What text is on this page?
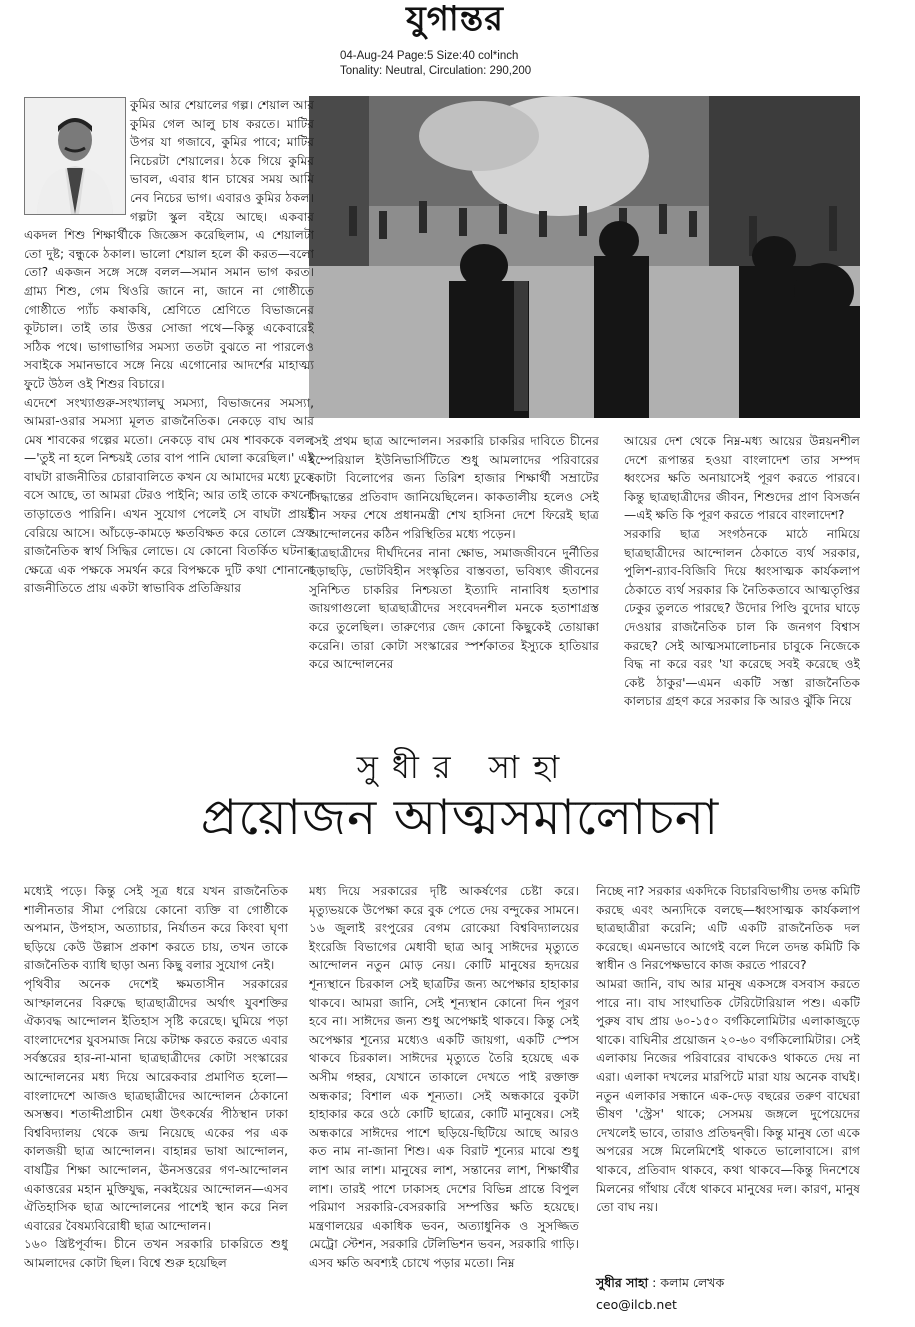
যুগান্তর
04-Aug-24 Page:5 Size:40 col*inch
Tonality: Neutral, Circulation: 290,200

কুমির আর শেয়ালের গল্প। শেয়াল আর কুমির গেল আলু চাষ করতে। মাটির উপর যা গজাবে, কুমির পাবে; মাটির নিচেরটা শেয়ালের। ঠকে গিয়ে কুমির ভাবল, এবার ধান চাষের সময় আমি নেব নিচের ভাগ। এবারও কুমির ঠকল। গল্পটা স্কুল বইয়ে আছে। একবার একদল শিশু শিক্ষার্থীকে জিজ্ঞেস করেছিলাম, এ শেয়ালটা তো দুষ্ট; বন্ধুকে ঠকাল। ভালো শেয়াল হলে কী করত—বলো তো? একজন সঙ্গে সঙ্গে বলল—সমান সমান ভাগ করত। গ্রাম্য শিশু, গেম থিওরি জানে না, জানে না গোষ্ঠীতে গোষ্ঠীতে প্যাঁচ কষাকষি, শ্রেণিতে শ্রেণিতে বিভাজনের কূটচাল। তাই তার উত্তর সোজা পথে—কিন্তু একেবারেই সঠিক পথে। ভাগাভাগির সমস্যা ততটা বুঝতে না পারলেও সবাইকে সমানভাবে সঙ্গে নিয়ে এগোনোর আদর্শের মাহাত্ম্য ফুটে উঠল ওই শিশুর বিচারে।

এদেশে সংখ্যাগুরু-সংখ্যালঘু সমস্যা, বিভাজনের সমস্যা, আমরা-ওরার সমস্যা মূলত রাজনৈতিক। নেকড়ে বাঘ আর মেষ শাবকের গল্পের মতো। নেকড়ে বাঘ মেষ শাবককে বলল—'তুই না হলে নিশ্চয়ই তোর বাপ পানি ঘোলা করেছিল।' এই বাঘটা রাজনীতির চোরাবালিতে কখন যে আমাদের মধ্যে ঢুকে বসে আছে, তা আমরা টেরও পাইনি; আর তাই তাকে কখনো তাড়াতেও পারিনি। এখন সুযোগ পেলেই সে বাঘটা প্রায়ই বেরিয়ে আসে। আঁচড়ে-কামড়ে ক্ষতবিক্ষত করে তোলে স্রেফ রাজনৈতিক স্বার্থ সিদ্ধির লোভে। যে কোনো বিতর্কিত ঘটনার ক্ষেত্রে এক পক্ষকে সমর্থন করে বিপক্ষকে দুটি কথা শোনানো রাজনীতিতে প্রায় একটা স্বাভাবিক প্রতিক্রিয়ার

সেই প্রথম ছাত্র আন্দোলন। সরকারি চাকরির দাবিতে চীনের ইম্পেরিয়াল ইউনিভার্সিটিতে শুধু আমলাদের পরিবারের কোটা বিলোপের জন্য তিরিশ হাজার শিক্ষার্থী সম্রাটের সিদ্ধান্তের প্রতিবাদ জানিয়েছিলেন। কাকতালীয় হলেও সেই চীন সফর শেষে প্রধানমন্ত্রী শেখ হাসিনা দেশে ফিরেই ছাত্র আন্দোলনের কঠিন পরিস্থিতির মধ্যে পড়েন।

ছাত্রছাত্রীদের দীর্ঘদিনের নানা ক্ষোভ, সমাজজীবনে দুর্নীতির ছড়াছড়ি, ভোটবিহীন সংস্কৃতির বাস্তবতা, ভবিষ্যৎ জীবনের সুনিশ্চিত চাকরির নিশ্চয়তা ইত্যাদি নানাবিধ হতাশার জায়গাগুলো ছাত্রছাত্রীদের সংবেদনশীল মনকে হতাশাগ্রস্ত করে তুলেছিল। তারুণ্যের জেদ কোনো কিছুকেই তোয়াক্কা করেনি। তারা কোটা সংস্কারের স্পর্শকাতর ইস্যুকে হাতিয়ার করে আন্দোলনের

আয়ের দেশ থেকে নিম্ন-মধ্য আয়ের উন্নয়নশীল দেশে রূপান্তর হওয়া বাংলাদেশ তার সম্পদ ধ্বংসের ক্ষতি অনায়াসেই পূরণ করতে পারবে। কিন্তু ছাত্রছাত্রীদের জীবন, শিশুদের প্রাণ বিসর্জন—এই ক্ষতি কি পূরণ করতে পারবে বাংলাদেশ?

সরকারি ছাত্র সংগঠনকে মাঠে নামিয়ে ছাত্রছাত্রীদের আন্দোলন ঠেকাতে ব্যর্থ সরকার, পুলিশ-র‍্যাব-বিজিবি দিয়ে ধ্বংসাত্মক কার্যকলাপ ঠেকাতে ব্যর্থ সরকার কি নৈতিকতাবে আত্মতৃপ্তির ঢেকুর তুলতে পারছে? উদোর পিণ্ডি বুদোর ঘাড়ে দেওয়ার রাজনৈতিক চাল কি জনগণ বিশ্বাস করছে? সেই আত্মসমালোচনার চাবুকে নিজেকে বিদ্ধ না করে বরং 'যা করেছে সবই করেছে ওই কেষ্ট ঠাকুর'—এমন একটি সস্তা রাজনৈতিক কালচার গ্রহণ করে সরকার কি আরও ঝুঁকি নিয়ে

সুধীর সাহা
প্রয়োজন আত্মসমালোচনা

মধ্যেই পড়ে। কিন্তু সেই সূত্র ধরে যখন রাজনৈতিক শালীনতার সীমা পেরিয়ে কোনো ব্যক্তি বা গোষ্ঠীকে অপমান, উপহাস, অত্যাচার, নির্যাতন করে কিংবা ঘৃণা ছড়িয়ে কেউ উল্লাস প্রকাশ করতে চায়, তখন তাকে রাজনৈতিক ব্যাধি ছাড়া অন্য কিছু বলার সুযোগ নেই।

পৃথিবীর অনেক দেশেই ক্ষমতাসীন সরকারের আস্ফালনের বিরুদ্ধে ছাত্রছাত্রীদের অর্থাৎ যুবশক্তির ঐক্যবদ্ধ আন্দোলন ইতিহাস সৃষ্টি করেছে। ঘুমিয়ে পড়া বাংলাদেশের যুবসমাজ নিয়ে কটাক্ষ করতে করতে এবার সর্বস্তরের হার-না-মানা ছাত্রছাত্রীদের কোটা সংস্কারের আন্দোলনের মধ্য দিয়ে আরেকবার প্রমাণিত হলো—বাংলাদেশে আজও ছাত্রছাত্রীদের আন্দোলন ঠেকানো অসম্ভব। শতাব্দীপ্রাচীন মেধা উৎকর্ষের পীঠস্থান ঢাকা বিশ্ববিদ্যালয় থেকে জন্ম নিয়েছে একের পর এক কালজয়ী ছাত্র আন্দোলন। বাহান্নর ভাষা আন্দোলন, বাষট্টির শিক্ষা আন্দোলন, ঊনসত্তরের গণ-আন্দোলন একাত্তরের মহান মুক্তিযুদ্ধ, নব্বইয়ের আন্দোলন—এসব ঐতিহাসিক ছাত্র আন্দোলনের পাশেই স্থান করে নিল এবারের বৈষম্যবিরোধী ছাত্র আন্দোলন।

১৬০ খ্রিষ্টপূর্বাব্দ। চীনে তখন সরকারি চাকরিতে শুধু আমলাদের কোটা ছিল। বিশ্বে শুরু হয়েছিল

মধ্য দিয়ে সরকারের দৃষ্টি আকর্ষণের চেষ্টা করে। মৃত্যুভয়কে উপেক্ষা করে বুক পেতে দেয় বন্দুকের সামনে। ১৬ জুলাই রংপুরের বেগম রোকেয়া বিশ্ববিদ্যালয়ের ইংরেজি বিভাগের মেধাবী ছাত্র আবু সাঈদের মৃত্যুতে আন্দোলন নতুন মোড় নেয়। কোটি মানুষের হৃদয়ের শূন্যস্থানে চিরকাল সেই ছাত্রটির জন্য অপেক্ষার হাহাকার থাকবে। আমরা জানি, সেই শূন্যস্থান কোনো দিন পূরণ হবে না। সাঈদের জন্য শুধু অপেক্ষাই থাকবে। কিন্তু সেই অপেক্ষার শূন্যের মধ্যেও একটি জায়গা, একটি স্পেস থাকবে চিরকাল। সাঈদের মৃত্যুতে তৈরি হয়েছে এক অসীম গহ্বর, যেখানে তাকালে দেখতে পাই রক্তাক্ত অন্ধকার; বিশাল এক শূন্যতা। সেই অন্ধকারে বুকটা হাহাকার করে ওঠে কোটি ছাত্রের, কোটি মানুষের। সেই অন্ধকারে সাঈদের পাশে ছড়িয়ে-ছিটিয়ে আছে আরও কত নাম না-জানা শিশু। এক বিরাট শূন্যের মাঝে শুধু লাশ আর লাশ। মানুষের লাশ, সন্তানের লাশ, শিক্ষার্থীর লাশ। তারই পাশে ঢাকাসহ দেশের বিভিন্ন প্রান্তে বিপুল পরিমাণ সরকারি-বেসরকারি সম্পত্তির ক্ষতি হয়েছে। মন্ত্রণালয়ের একাধিক ভবন, অত্যাধুনিক ও সুসজ্জিত মেট্রো স্টেশন, সরকারি টেলিভিশন ভবন, সরকারি গাড়ি। এসব ক্ষতি অবশ্যই চোখে পড়ার মতো। নিম্ন

নিচ্ছে না? সরকার একদিকে বিচারবিভাগীয় তদন্ত কমিটি করছে এবং অন্যদিকে বলছে—ধ্বংসাত্মক কার্যকলাপ ছাত্রছাত্রীরা করেনি; এটি একটি রাজনৈতিক দল করেছে। এমনভাবে আগেই বলে দিলে তদন্ত কমিটি কি স্বাধীন ও নিরপেক্ষভাবে কাজ করতে পারবে?

আমরা জানি, বাঘ আর মানুষ একসঙ্গে বসবাস করতে পারে না। বাঘ সাংঘাতিক টেরিটোরিয়াল পশু। একটি পুরুষ বাঘ প্রায় ৬০-১৫০ বর্গকিলোমিটার এলাকাজুড়ে থাকে। বাঘিনীর প্রয়োজন ২০-৬০ বর্গকিলোমিটার। সেই এলাকায় নিজের পরিবারের বাঘকেও থাকতে দেয় না এরা। এলাকা দখলের মারপিটে মারা যায় অনেক বাঘই। নতুন এলাকার সন্ধানে এক-দেড় বছরের তরুণ বাঘেরা ভীষণ 'স্ট্রেস' থাকে; সেসময় জঙ্গলে দুপেয়েদের দেখলেই ভাবে, তারাও প্রতিদ্বন্দ্বী। কিন্তু মানুষ তো একে অপরের সঙ্গে মিলেমিশেই থাকতে ভালোবাসে। রাগ থাকবে, প্রতিবাদ থাকবে, কথা থাকবে—কিন্তু দিনশেষে মিলনের গাঁথায় বেঁধে থাকবে মানুষের দল। কারণ, মানুষ তো বাঘ নয়।

সুধীর সাহা : কলাম লেখক
ceo@ilcb.net
